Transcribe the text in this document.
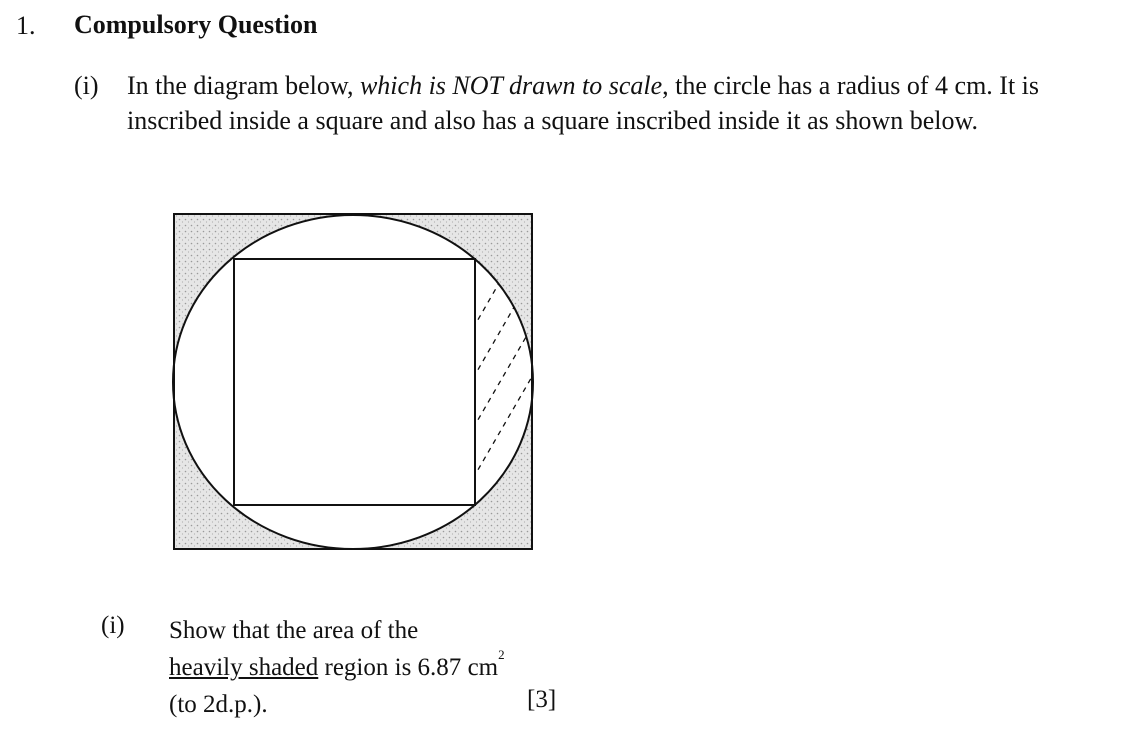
1. Compulsory Question
(i) In the diagram below, which is NOT drawn to scale, the circle has a radius of 4 cm. It is inscribed inside a square and also has a square inscribed inside it as shown below.
(i) Show that the area of the
heavily shaded region is 6.87 $cm^2$
(to 2d.p.).	[3]
